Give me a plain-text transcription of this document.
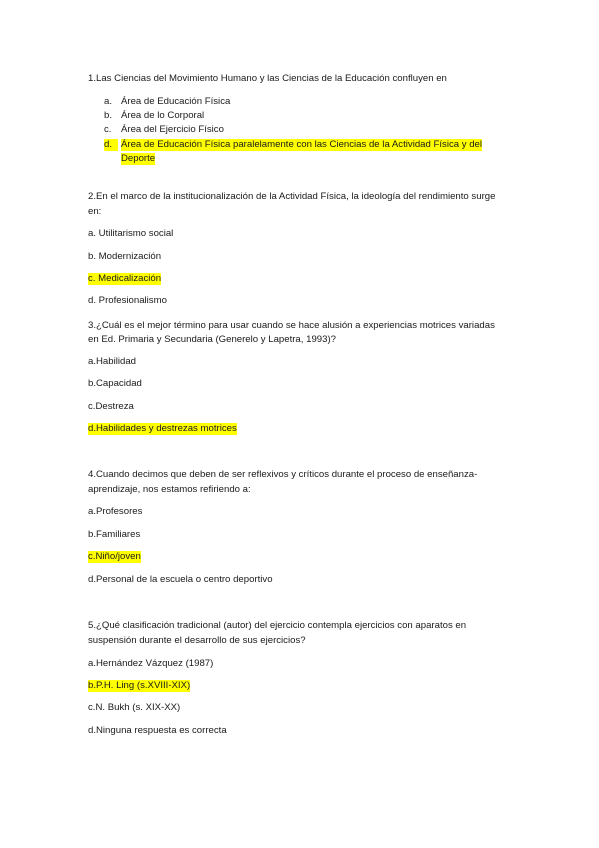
1.Las Ciencias del Movimiento Humano y las Ciencias de la Educación confluyen en
a. Área de Educación Física
b. Área de lo Corporal
c. Área del Ejercicio Físico
d. Área de Educación Física paralelamente con las Ciencias de la Actividad Física y del
Deporte
2.En el marco de la institucionalización de la Actividad Física, la ideología del rendimiento surge
en:
a. Utilitarismo social
b. Modernización
c. Medicalización
d. Profesionalismo
3.¿Cuál es el mejor término para usar cuando se hace alusión a experiencias motrices variadas
en Ed. Primaria y Secundaria (Generelo y Lapetra, 1993)?
a.Habilidad
b.Capacidad
c.Destreza
d.Habilidades y destrezas motrices
4.Cuando decimos que deben de ser reflexivos y críticos durante el proceso de enseñanza-
aprendizaje, nos estamos refiriendo a:
a.Profesores
b.Familiares
c.Niño/joven
d.Personal de la escuela o centro deportivo
5.¿Qué clasificación tradicional (autor) del ejercicio contempla ejercicios con aparatos en
suspensión durante el desarrollo de sus ejercicios?
a.Hernández Vázquez (1987)
b.P.H. Ling (s.XVIII-XIX)
c.N. Bukh (s. XIX-XX)
d.Ninguna respuesta es correcta
